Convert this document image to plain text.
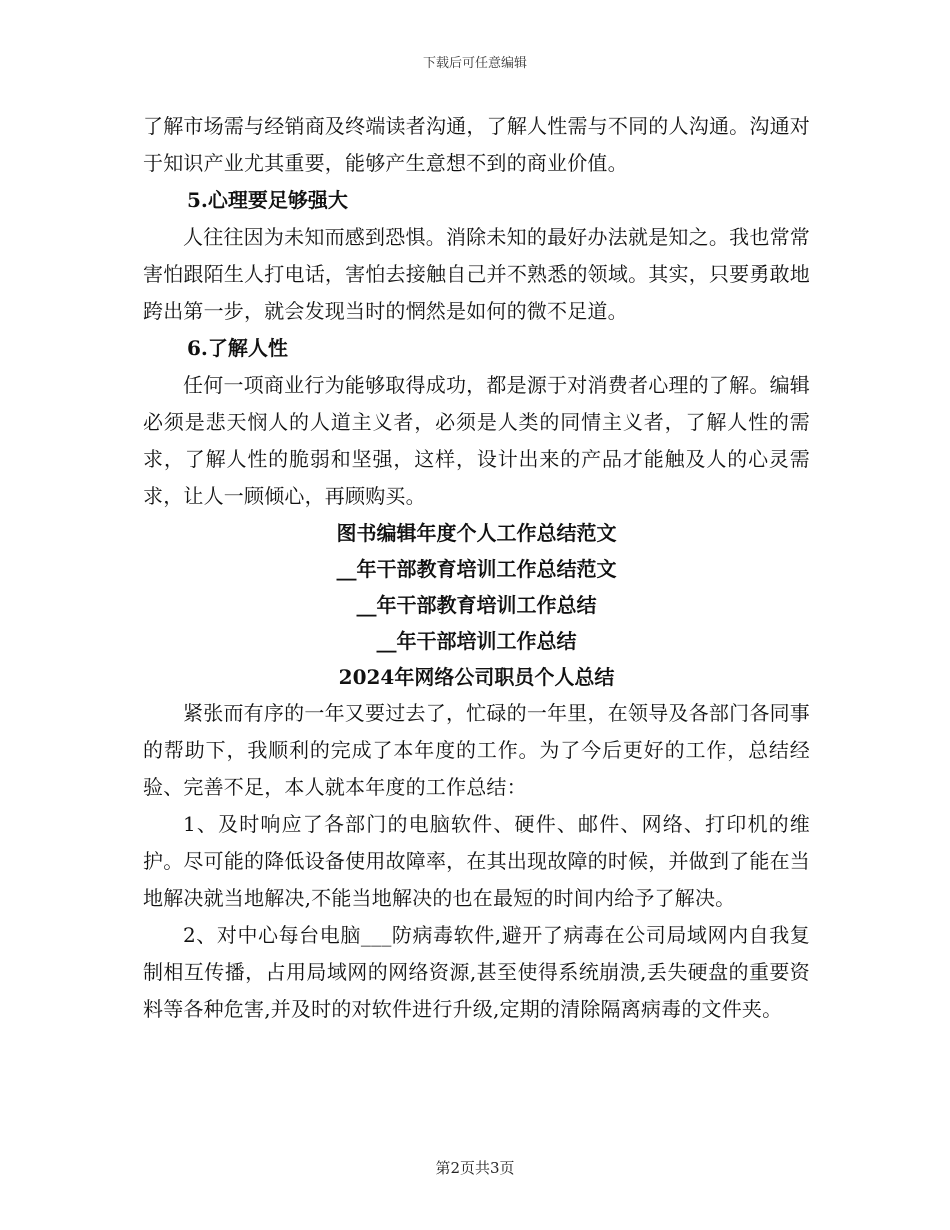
下载后可任意编辑

了解市场需与经销商及终端读者沟通，了解人性需与不同的人沟通。沟通对于知识产业尤其重要，能够产生意想不到的商业价值。

5.心理要足够强大

人往往因为未知而感到恐惧。消除未知的最好办法就是知之。我也常常害怕跟陌生人打电话，害怕去接触自己并不熟悉的领域。其实，只要勇敢地跨出第一步，就会发现当时的惘然是如何的微不足道。

6.了解人性

任何一项商业行为能够取得成功，都是源于对消费者心理的了解。编辑必须是悲天悯人的人道主义者，必须是人类的同情主义者，了解人性的需求，了解人性的脆弱和坚强，这样，设计出来的产品才能触及人的心灵需求，让人一顾倾心，再顾购买。

图书编辑年度个人工作总结范文

__年干部教育培训工作总结范文

__年干部教育培训工作总结

__年干部培训工作总结

2024年网络公司职员个人总结

紧张而有序的一年又要过去了，忙碌的一年里，在领导及各部门各同事的帮助下，我顺利的完成了本年度的工作。为了今后更好的工作，总结经验、完善不足，本人就本年度的工作总结：

1、及时响应了各部门的电脑软件、硬件、邮件、网络、打印机的维护。尽可能的降低设备使用故障率，在其出现故障的时候，并做到了能在当地解决就当地解决,不能当地解决的也在最短的时间内给予了解决。

2、对中心每台电脑___防病毒软件,避开了病毒在公司局域网内自我复制相互传播，占用局域网的网络资源,甚至使得系统崩溃,丢失硬盘的重要资料等各种危害,并及时的对软件进行升级,定期的清除隔离病毒的文件夹。

第2页共3页
